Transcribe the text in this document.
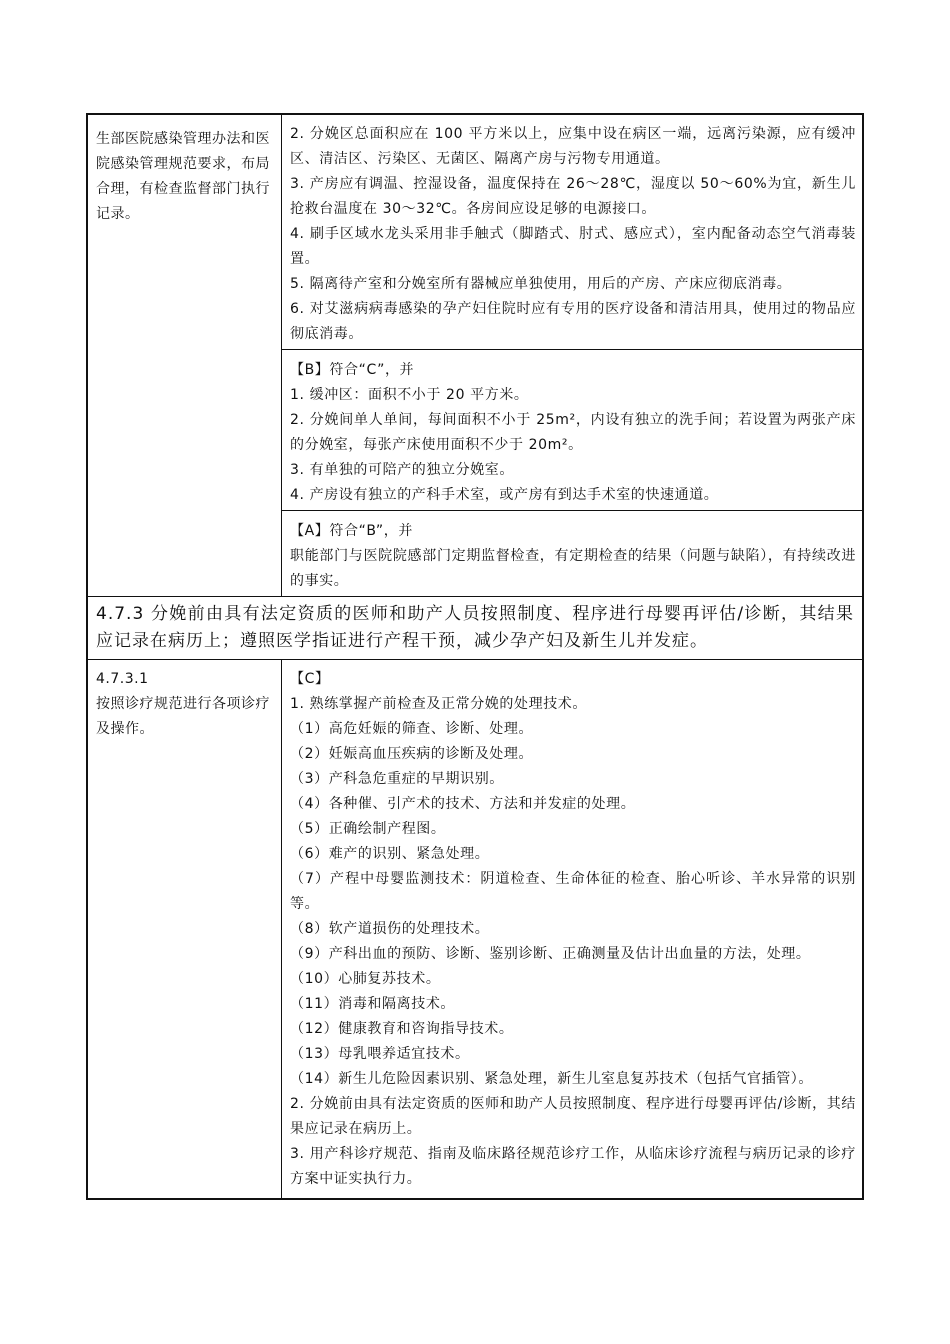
生部医院感染管理办法和医院感染管理规范要求，布局合理，有检查监督部门执行记录。
2. 分娩区总面积应在 100 平方米以上，应集中设在病区一端，远离污染源，应有缓冲区、清洁区、污染区、无菌区、隔离产房与污物专用通道。
3. 产房应有调温、控湿设备，温度保持在 26～28℃，湿度以 50～60%为宜，新生儿抢救台温度在 30～32℃。各房间应设足够的电源接口。
4. 刷手区域水龙头采用非手触式（脚踏式、肘式、感应式），室内配备动态空气消毒装置。
5. 隔离待产室和分娩室所有器械应单独使用，用后的产房、产床应彻底消毒。
6. 对艾滋病病毒感染的孕产妇住院时应有专用的医疗设备和清洁用具，使用过的物品应彻底消毒。
【B】符合“C”，并
1. 缓冲区：面积不小于 20 平方米。
2. 分娩间单人单间，每间面积不小于 25m²，内设有独立的洗手间；若设置为两张产床的分娩室，每张产床使用面积不少于 20m²。
3. 有单独的可陪产的独立分娩室。
4. 产房设有独立的产科手术室，或产房有到达手术室的快速通道。
【A】符合“B”，并
职能部门与医院院感部门定期监督检查，有定期检查的结果（问题与缺陷），有持续改进的事实。
4.7.3 分娩前由具有法定资质的医师和助产人员按照制度、程序进行母婴再评估/诊断，其结果应记录在病历上；遵照医学指证进行产程干预，减少孕产妇及新生儿并发症。
4.7.3.1
按照诊疗规范进行各项诊疗及操作。
【C】
1. 熟练掌握产前检查及正常分娩的处理技术。
（1）高危妊娠的筛查、诊断、处理。
（2）妊娠高血压疾病的诊断及处理。
（3）产科急危重症的早期识别。
（4）各种催、引产术的技术、方法和并发症的处理。
（5）正确绘制产程图。
（6）难产的识别、紧急处理。
（7）产程中母婴监测技术：阴道检查、生命体征的检查、胎心听诊、羊水异常的识别等。
（8）软产道损伤的处理技术。
（9）产科出血的预防、诊断、鉴别诊断、正确测量及估计出血量的方法，处理。
（10）心肺复苏技术。
（11）消毒和隔离技术。
（12）健康教育和咨询指导技术。
（13）母乳喂养适宜技术。
（14）新生儿危险因素识别、紧急处理，新生儿室息复苏技术（包括气官插管）。
2. 分娩前由具有法定资质的医师和助产人员按照制度、程序进行母婴再评估/诊断，其结果应记录在病历上。
3. 用产科诊疗规范、指南及临床路径规范诊疗工作，从临床诊疗流程与病历记录的诊疗方案中证实执行力。
